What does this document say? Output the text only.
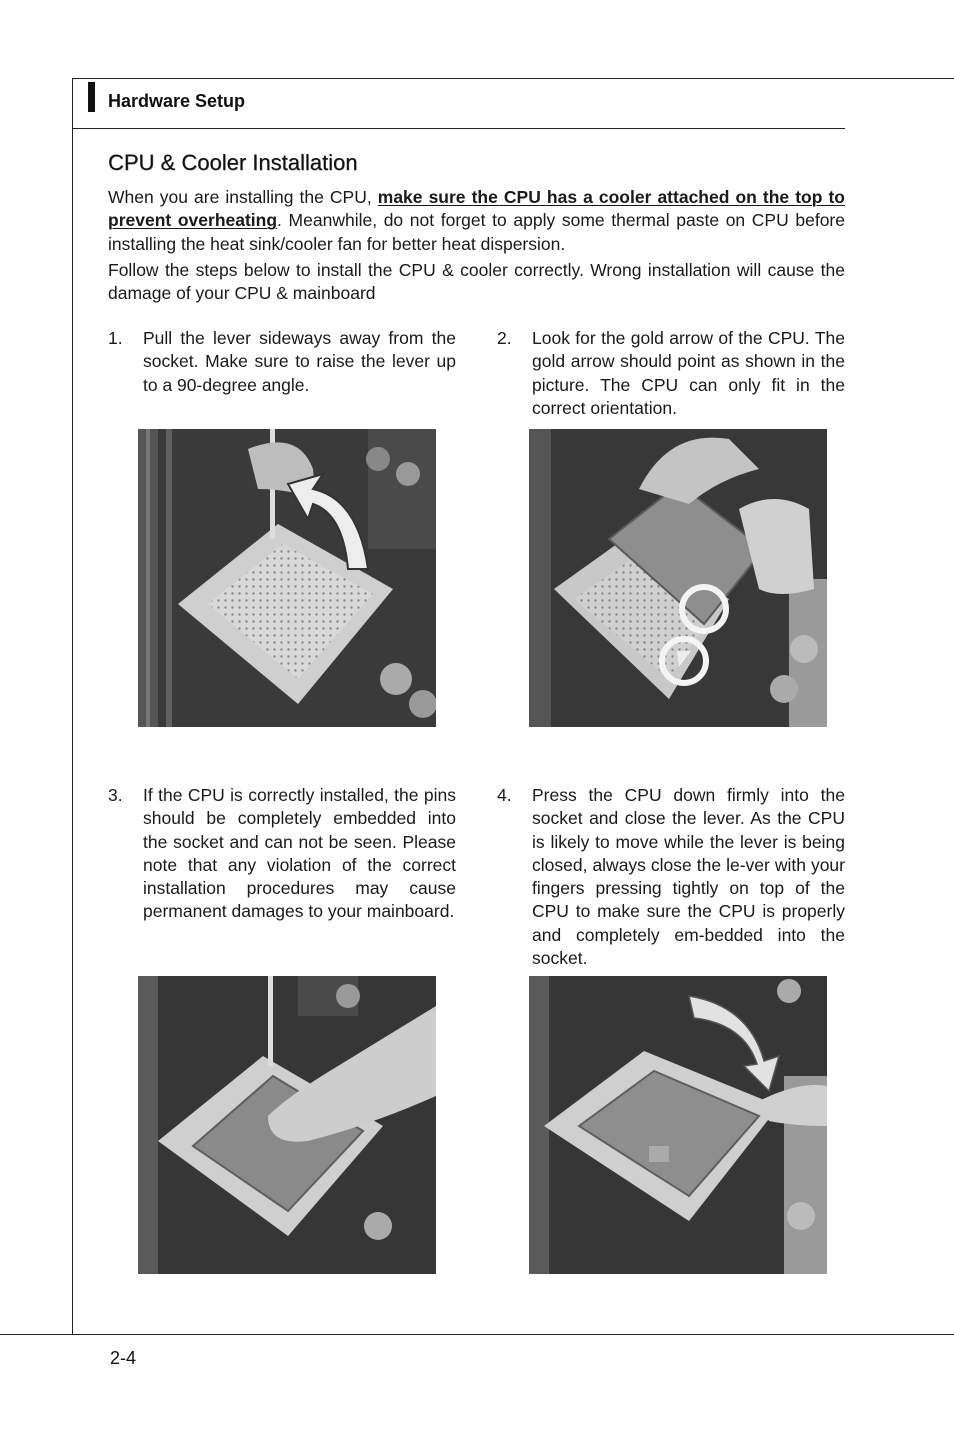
Hardware Setup
CPU & Cooler Installation

When you are installing the CPU, make sure the CPU has a cooler attached on the top to prevent overheating. Meanwhile, do not forget to apply some thermal paste on CPU before installing the heat sink/cooler fan for better heat dispersion.

Follow the steps below to install the CPU & cooler correctly. Wrong installation will cause the damage of your CPU & mainboard

1.	Pull the lever sideways away from the socket. Make sure to raise the lever up to a 90-degree angle.

2.	Look for the gold arrow of the CPU. The gold arrow should point as shown in the picture. The CPU can only fit in the correct orientation.

3.	If the CPU is correctly installed, the pins should be completely embedded into the socket and can not be seen. Please note that any violation of the correct installation procedures may cause permanent damages to your mainboard.

4.	Press the CPU down firmly into the socket and close the lever. As the CPU is likely to move while the lever is being closed, always close the le-ver with your fingers pressing tightly on top of the CPU to make sure the CPU is properly and completely em-bedded into the socket.

2-4
